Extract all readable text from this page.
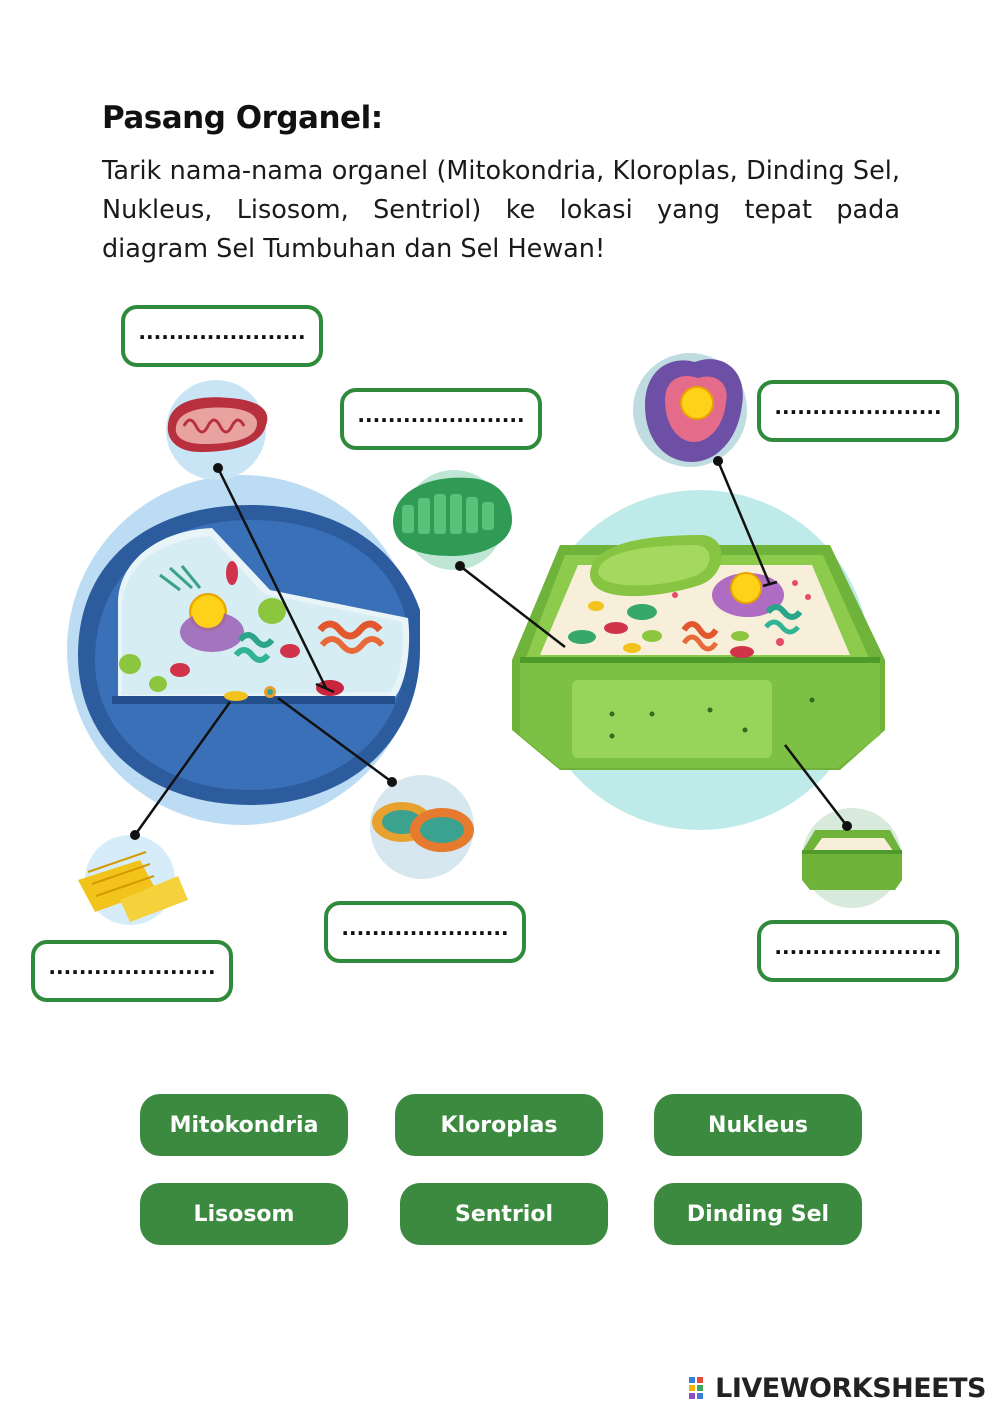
Pasang Organel:

Tarik nama-nama organel (Mitokondria, Kloroplas, Dinding Sel, Nukleus, Lisosom, Sentriol) ke lokasi yang tepat pada diagram Sel Tumbuhan dan Sel Hewan!

......................
......................	......................
......................
......................
......................
Mitokondria	Kloroplas	Nukleus
Lisosom	Sentriol	Dinding Sel
LIVEWORKSHEETS
